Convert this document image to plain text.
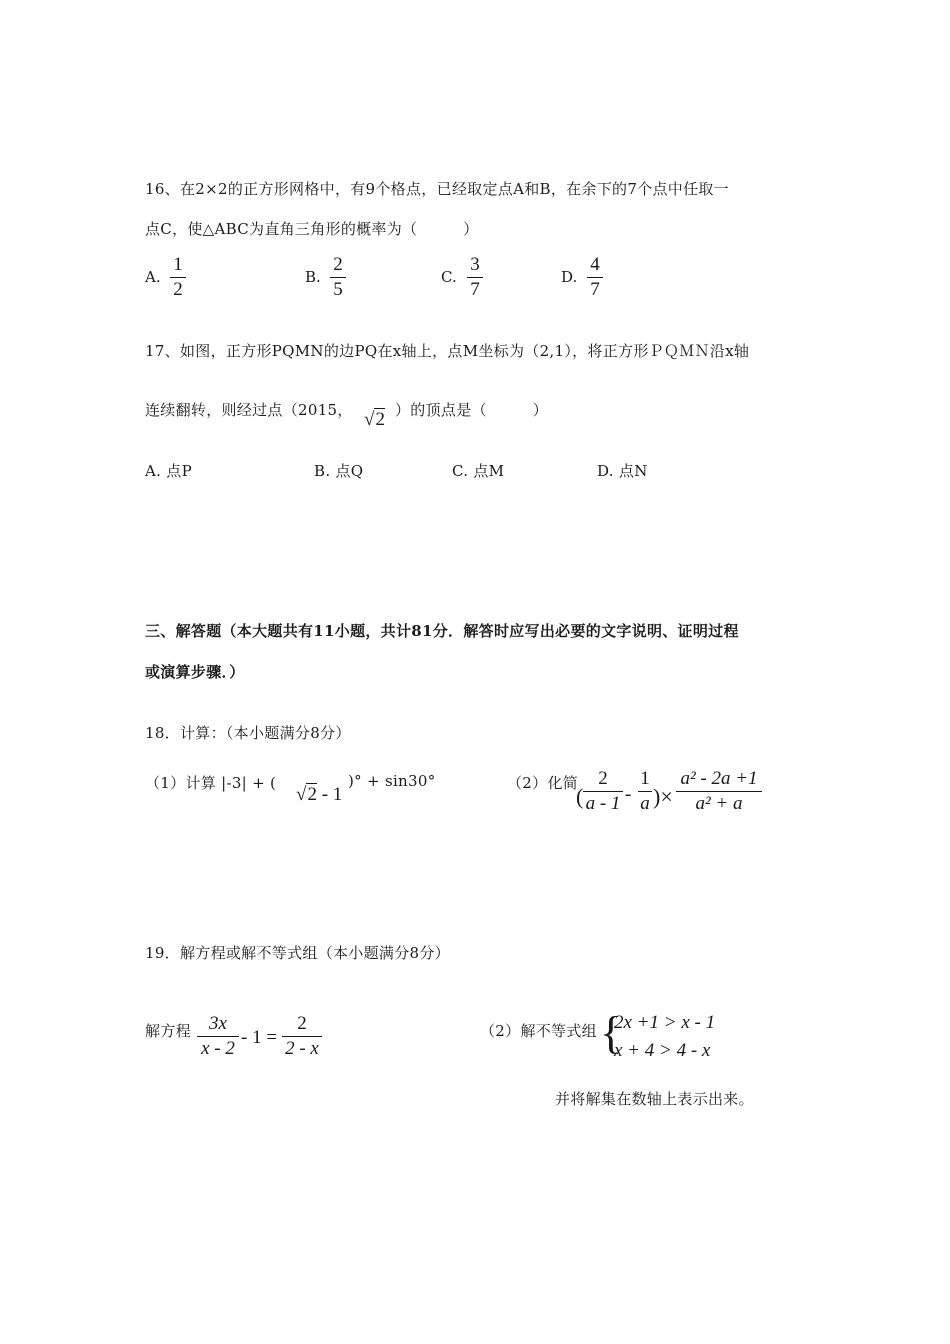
16、在2×2的正方形网格中，有9个格点，已经取定点A和B，在余下的7个点中任取一
点C，使△ABC为直角三角形的概率为（　　　）
A.
1
2
B.
2
5
C.
3
7
D.
4
7
17、如图，正方形PQMN的边PQ在x轴上，点M坐标为（2,1），将正方形ＰＱＭＮ沿x轴
连续翻转，则经过点（2015， √2 ）的顶点是（　　　）
A. 点P	B. 点Q	C. 点M	D. 点N
三、解答题（本大题共有11小题，共计81分．解答时应写出必要的文字说明、证明过程
或演算步骤．）
18．计算：（本小题满分8分）
（1）计算 |-3| + (
√2 - 1
)° + sin30°	（2）化简
(
2
a - 1 -
1
a )×
a² - 2a +1
a² + a
19．解方程或解不等式组（本小题满分8分）
解方程 3x
x - 2
- 1 =
2
2 - x
（2）解不等式组 {
2x +1 > x - 1
x + 4 > 4 - x
并将解集在数轴上表示出来。
